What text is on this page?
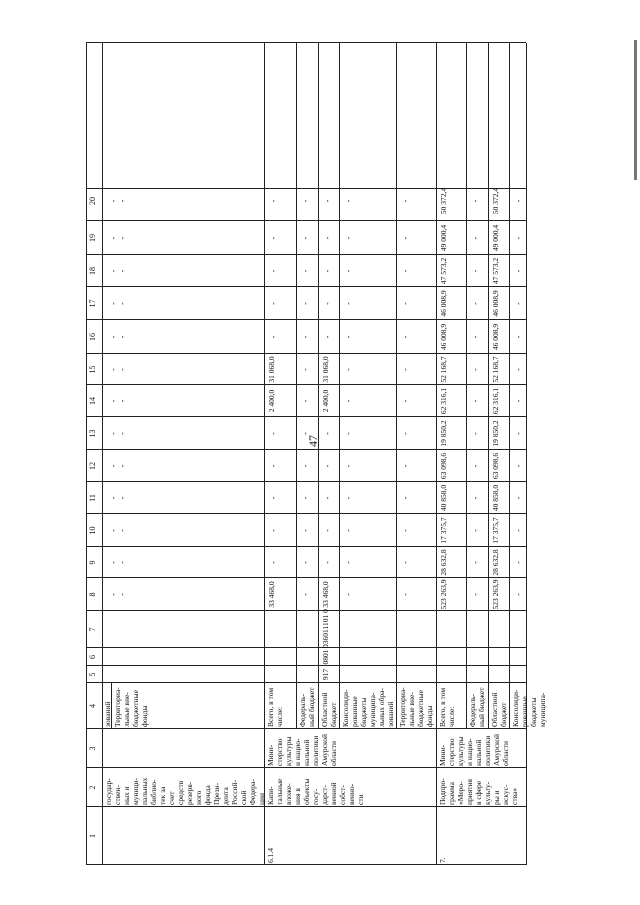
47
1
2
3
4
5
6
7
8
9
10
11
12
13
14
15
16
17
18
19
20
государ-
ствен-
ных и
муници-
пальных
библио-
тек за
счет
средств
резерв-
ного
фонда
Прези-
дента
Россий-
ской
Федера-
ции
зований Территориа-
льные вне-
бюджетные
фонды
-
-
-
-
-
-
-
-
-
-
-
-
-
-
-
-
-
-
-
-
-
-
-
-
-
-
6.1.4
Капи-
тальные
вложе-
ния в
объекты
госу-
дарст-
венной
собст-
венно-
сти
Мини-
стерство
культуры
и нацио-
нальной
политики
Амурской
области
Всего, в том
числе:
33 468,0
-
-
-
-
-
2 400,0
31 068,0
-
-
-
-
-
Федераль-
ный бюджет
-
-
-
-
-
-
-
-
-
-
-
-
-
Областной
бюджет
917
0801
036011101 0
33 468,0
-
-
-
-
-
2 400,0
31 068,0
-
-
-
-
-
Консолиди-
рованные
бюджеты
муниципа-
льных обра-
зований
-
-
-
-
-
-
-
-
-
-
-
-
-
Территориа-
льные вне-
бюджетные
фонды
-
-
-
-
-
-
-
-
-
-
-
-
-
7.
Подпро-
грамма
«Меро-
приятия
в сфере
культу-
ры и
искус-
ства»
Мини-
стерство
культуры
и нацио-
нальной
политики
Амурской
области
Всего, в том
числе:
523 263,9
28 632,8
17 375,7
40 858,0
63 098,6
19 850,2
62 316,1
52 168,7
46 008,9
46 008,9
47 573,2
49 000,4
50 372,4
Федераль-
ный бюджет
-
-
-
-
-
-
-
-
-
-
-
-
-
Областной
бюджет
523 263,9
28 632,8
17 375,7
40 858,0
63 098,6
19 850,2
62 316,1
52 168,7
46 008,9
46 008,9
47 573,2
49 000,4
50 372,4
Консолиди-
рованные
бюджеты
муниципа-
-
-
-
-
-
-
-
-
-
-
-
-
-
